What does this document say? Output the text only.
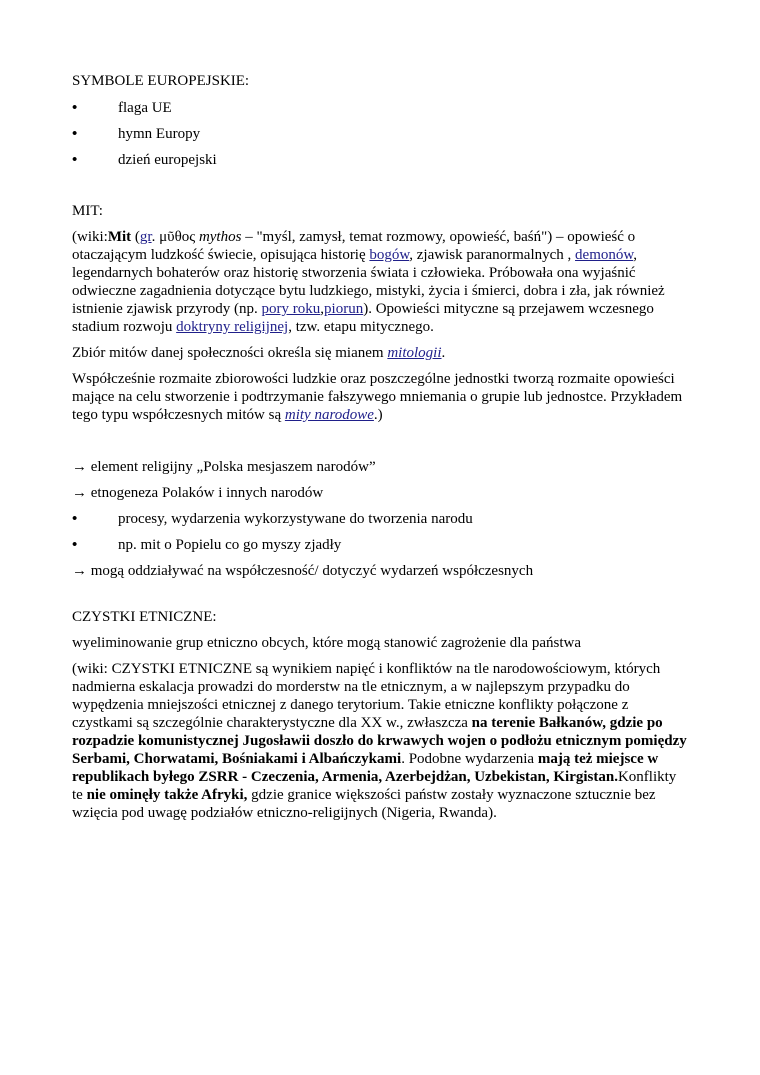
SYMBOLE EUROPEJSKIE:

•	flaga UE
•	hymn Europy
•	dzień europejski

MIT:

(wiki:Mit (gr. μῦθος mythos – "myśl, zamysł, temat rozmowy, opowieść, baśń") – opowieść o otaczającym ludzkość świecie, opisująca historię bogów, zjawisk paranormalnych , demonów, legendarnych bohaterów oraz historię stworzenia świata i człowieka. Próbowała ona wyjaśnić odwieczne zagadnienia dotyczące bytu ludzkiego, mistyki, życia i śmierci, dobra i zła, jak również istnienie zjawisk przyrody (np. pory roku,piorun). Opowieści mityczne są przejawem wczesnego stadium rozwoju doktryny religijnej, tzw. etapu mitycznego.

Zbiór mitów danej społeczności określa się mianem mitologii.

Współcześnie rozmaite zbiorowości ludzkie oraz poszczególne jednostki tworzą rozmaite opowieści mające na celu stworzenie i podtrzymanie fałszywego mniemania o grupie lub jednostce. Przykładem tego typu współczesnych mitów są mity narodowe.)

→ element religijny „Polska mesjaszem narodów”
→ etnogeneza Polaków i innych narodów
•	procesy, wydarzenia wykorzystywane do tworzenia narodu
•	np. mit o Popielu co go myszy zjadły
→ mogą oddziaływać na współczesność/ dotyczyć wydarzeń współczesnych

CZYSTKI ETNICZNE:

wyeliminowanie grup etniczno obcych, które mogą stanowić zagrożenie dla państwa

(wiki: CZYSTKI ETNICZNE są wynikiem napięć i konfliktów na tle narodowościowym, których nadmierna eskalacja prowadzi do morderstw na tle etnicznym, a w najlepszym przypadku do wypędzenia mniejszości etnicznej z danego terytorium. Takie etniczne konflikty połączone z czystkami są szczególnie charakterystyczne dla XX w., zwłaszcza na terenie Bałkanów, gdzie po rozpadzie komunistycznej Jugosławii doszło do krwawych wojen o podłożu etnicznym pomiędzy Serbami, Chorwatami, Bośniakami i Albańczykami. Podobne wydarzenia mają też miejsce w republikach byłego ZSRR - Czeczenia, Armenia, Azerbejdżan, Uzbekistan, Kirgistan.Konflikty te nie ominęły także Afryki, gdzie granice większości państw zostały wyznaczone sztucznie bez wzięcia pod uwagę podziałów etniczno-religijnych (Nigeria, Rwanda).
